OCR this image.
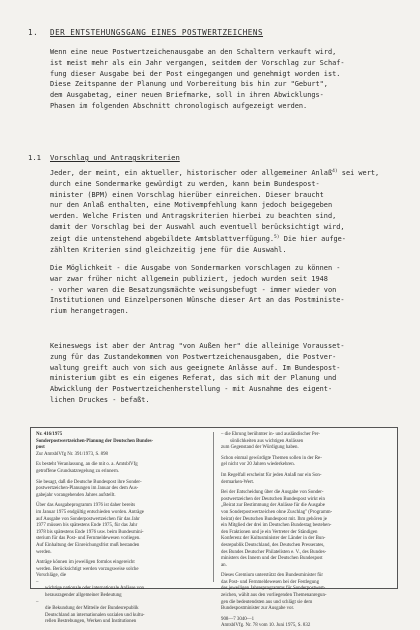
1. DER ENTSTEHUNGSGANG EINES POSTWERTZEICHENS
Wenn eine neue Postwertzeichenausgabe an den Schaltern verkauft wird,
ist meist mehr als ein Jahr vergangen, seitdem der Vorschlag zur Schaf-
fung dieser Ausgabe bei der Post eingegangen und genehmigt worden ist.
Diese Zeitspanne der Planung und Vorbereitung bis hin zur "Geburt",
dem Ausgabetag, einer neuen Briefmarke, soll in ihren Abwicklungs-
Phasen im folgenden Abschnitt chronologisch aufgezeigt werden.
1.1 Vorschlag und Antragskriterien
Jeder, der meint, ein aktueller, historischer oder allgemeiner Anlaß$^{4)}$ sei wert,
durch eine Sondermarke gewürdigt zu werden, kann beim Bundespost-
minister (BPM) einen Vorschlag hierüber einreichen. Dieser braucht
nur den Anlaß enthalten, eine Motivempfehlung kann jedoch beigegeben
werden. Welche Fristen und Antragskriterien hierbei zu beachten sind,
damit der Vorschlag bei der Auswahl auch eventuell berücksichtigt wird,
zeigt die untenstehend abgebildete Amtsblattverfügung.$^{5)}$ Die hier aufge-
zählten Kriterien sind gleichzeitig jene für die Auswahl.
Die Möglichkeit - die Ausgabe von Sondermarken vorschlagen zu können -
war zwar früher nicht allgemein publiziert, jedoch wurden seit 1948
- vorher waren die Besatzungsmächte weisungsbefugt - immer wieder von
Institutionen und Einzelpersonen Wünsche dieser Art an das Postministe-
rium herangetragen.
Keineswegs ist aber der Antrag "von Außen her" die alleinige Vorausset-
zung für das Zustandekommen von Postwertzeichenausgaben, die Postver-
waltung greift auch von sich aus geeignete Anlässe auf. Im Bundespost-
ministerium gibt es ein eigenes Referat, das sich mit der Planung und
Abwicklung der Postwertzeichenherstellung - mit Ausnahme des eigent-
lichen Druckes - befaßt.
Nr. 416/1975
Sonderpostwertzeichen-Planung der Deutschen Bundes-
post
Zur AmtsblVfg Nr. 391/1973, S. 898
Es besteht Veranlassung, an die mit o. a. AmtsblVfg
getroffene Grundsatzregelung zu erinnern.
Sie besagt, daß die Deutsche Bundespost ihre Sonder-
postwertzeichen-Planungen im Januar des dem Aus-
gabejahr vorangehenden Jahres aufstellt.
Über das Ausgabeprogramm 1976 ist daher bereits
im Januar 1975 endgültig entschieden worden. Anträge
auf Ausgabe von Sonderpostwertzeichen für das Jahr
1977 müssen bis spätestens Ende 1975, für das Jahr
1978 bis spätestens Ende 1976 usw. beim Bundesmini-
sterium für das Post- und Fernmeldewesen vorliegen.
Auf Einhaltung der Einreichungsfrist muß bestanden
werden.
Anträge können im jeweiligen formlos eingereicht
werden. Berücksichtigt werden vorzugsweise solche
Vorschläge, die
–
wichtige nationale oder internationale Anlässe von
herausragender allgemeiner Bedeutung
–
die Bekundung der Mitteile der Bundesrepublik
Deutschland an internationalen sozialen und kultu-
rellen Bestrebungen, Werken und Institutionen
– die Ehrung berühmter in- und ausländischer Per-
sönlichkeiten aus wichtigen Anlässen
zum Gegenstand der Würdigung haben.
Schon einmal gewürdigte Themen sollen in der Re-
gel nicht vor 20 Jahren wiederkehren.
Im Regelfall erscheint für jeden Anlaß nur ein Son-
dermarken-Wert.
Bei der Entscheidung über die Ausgabe von Sonder-
postwertzeichen der Deutschen Bundespost wirkt ein
„Beirat zur Bestimmung der Anlässe für die Ausgabe
von Sonderpostwertzeichen ohne Zuschlag" (Programm-
beirat) der Deutschen Bundespost mit. Ihm gehören je
ein Mitglied der drei im Deutschen Bundestag bestehen-
den Fraktionen und je ein Vertreter der Ständigen
Konferenz der Kultusminister der Länder in der Bun-
desrepublik Deutschland, des Deutschen Presserates,
des Bundes Deutscher Philatelisten e. V., des Bundes-
ministers des Innern und der Deutschen Bundespost
an.
Dieses Gremium unterstützt den Bundesminister für
das Post- und Fernmeldewesen bei der Festlegung
des jeweiligen Jahresprogramms für Sonderpostwert-
zeichen, wählt aus den vorliegenden Themenanregun-
gen die bedeutendsten aus und schlägt sie dem
Bundespostminister zur Ausgabe vor.
908—7 3040—1
AmtsblVfg. Nr. 78 vom 10. Juni 1975, S. 832
